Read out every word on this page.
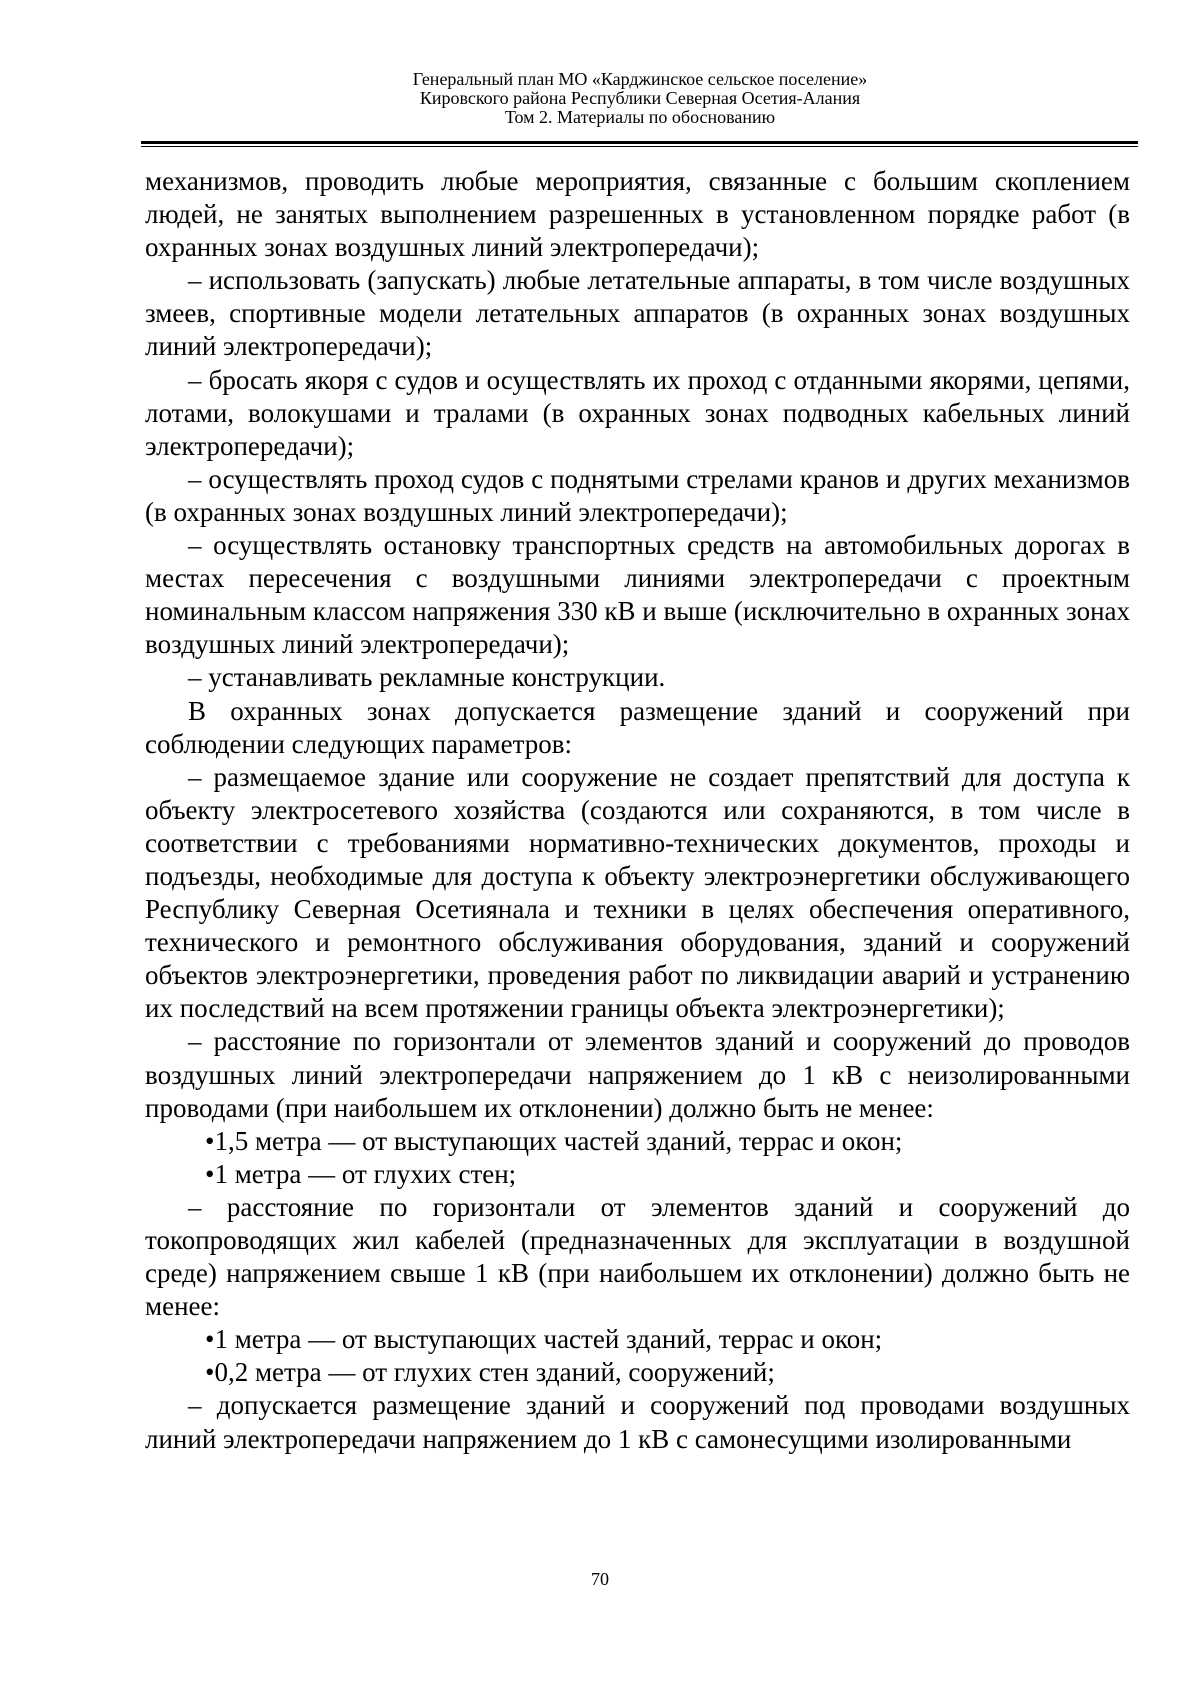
Генеральный план МО «Карджинское сельское поселение»
Кировского района Республики Северная Осетия-Алания
Том 2. Материалы по обоснованию

механизмов, проводить любые мероприятия, связанные с большим скоплением людей, не занятых выполнением разрешенных в установленном порядке работ (в охранных зонах воздушных линий электропередачи);

– использовать (запускать) любые летательные аппараты, в том числе воздушных змеев, спортивные модели летательных аппаратов (в охранных зонах воздушных линий электропередачи);

– бросать якоря с судов и осуществлять их проход с отданными якорями, цепями, лотами, волокушами и тралами (в охранных зонах подводных кабельных линий электропередачи);

– осуществлять проход судов с поднятыми стрелами кранов и других механизмов (в охранных зонах воздушных линий электропередачи);

– осуществлять остановку транспортных средств на автомобильных дорогах в местах пересечения с воздушными линиями электропередачи с проектным номинальным классом напряжения 330 кВ и выше (исключительно в охранных зонах воздушных линий электропередачи);

– устанавливать рекламные конструкции.

В охранных зонах допускается размещение зданий и сооружений при соблюдении следующих параметров:

– размещаемое здание или сооружение не создает препятствий для доступа к объекту электросетевого хозяйства (создаются или сохраняются, в том числе в соответствии с требованиями нормативно-технических документов, проходы и подъезды, необходимые для доступа к объекту электроэнергетики обслуживающего Республику Северная Осетиянала и техники в целях обеспечения оперативного, технического и ремонтного обслуживания оборудования, зданий и сооружений объектов электроэнергетики, проведения работ по ликвидации аварий и устранению их последствий на всем протяжении границы объекта электроэнергетики);

– расстояние по горизонтали от элементов зданий и сооружений до проводов воздушных линий электропередачи напряжением до 1 кВ с неизолированными проводами (при наибольшем их отклонении) должно быть не менее:

•1,5 метра — от выступающих частей зданий, террас и окон;

•1 метра — от глухих стен;

– расстояние по горизонтали от элементов зданий и сооружений до токопроводящих жил кабелей (предназначенных для эксплуатации в воздушной среде) напряжением свыше 1 кВ (при наибольшем их отклонении) должно быть не менее:

•1 метра — от выступающих частей зданий, террас и окон;

•0,2 метра — от глухих стен зданий, сооружений;

– допускается размещение зданий и сооружений под проводами воздушных линий электропередачи напряжением до 1 кВ с самонесущими изолированными

70
